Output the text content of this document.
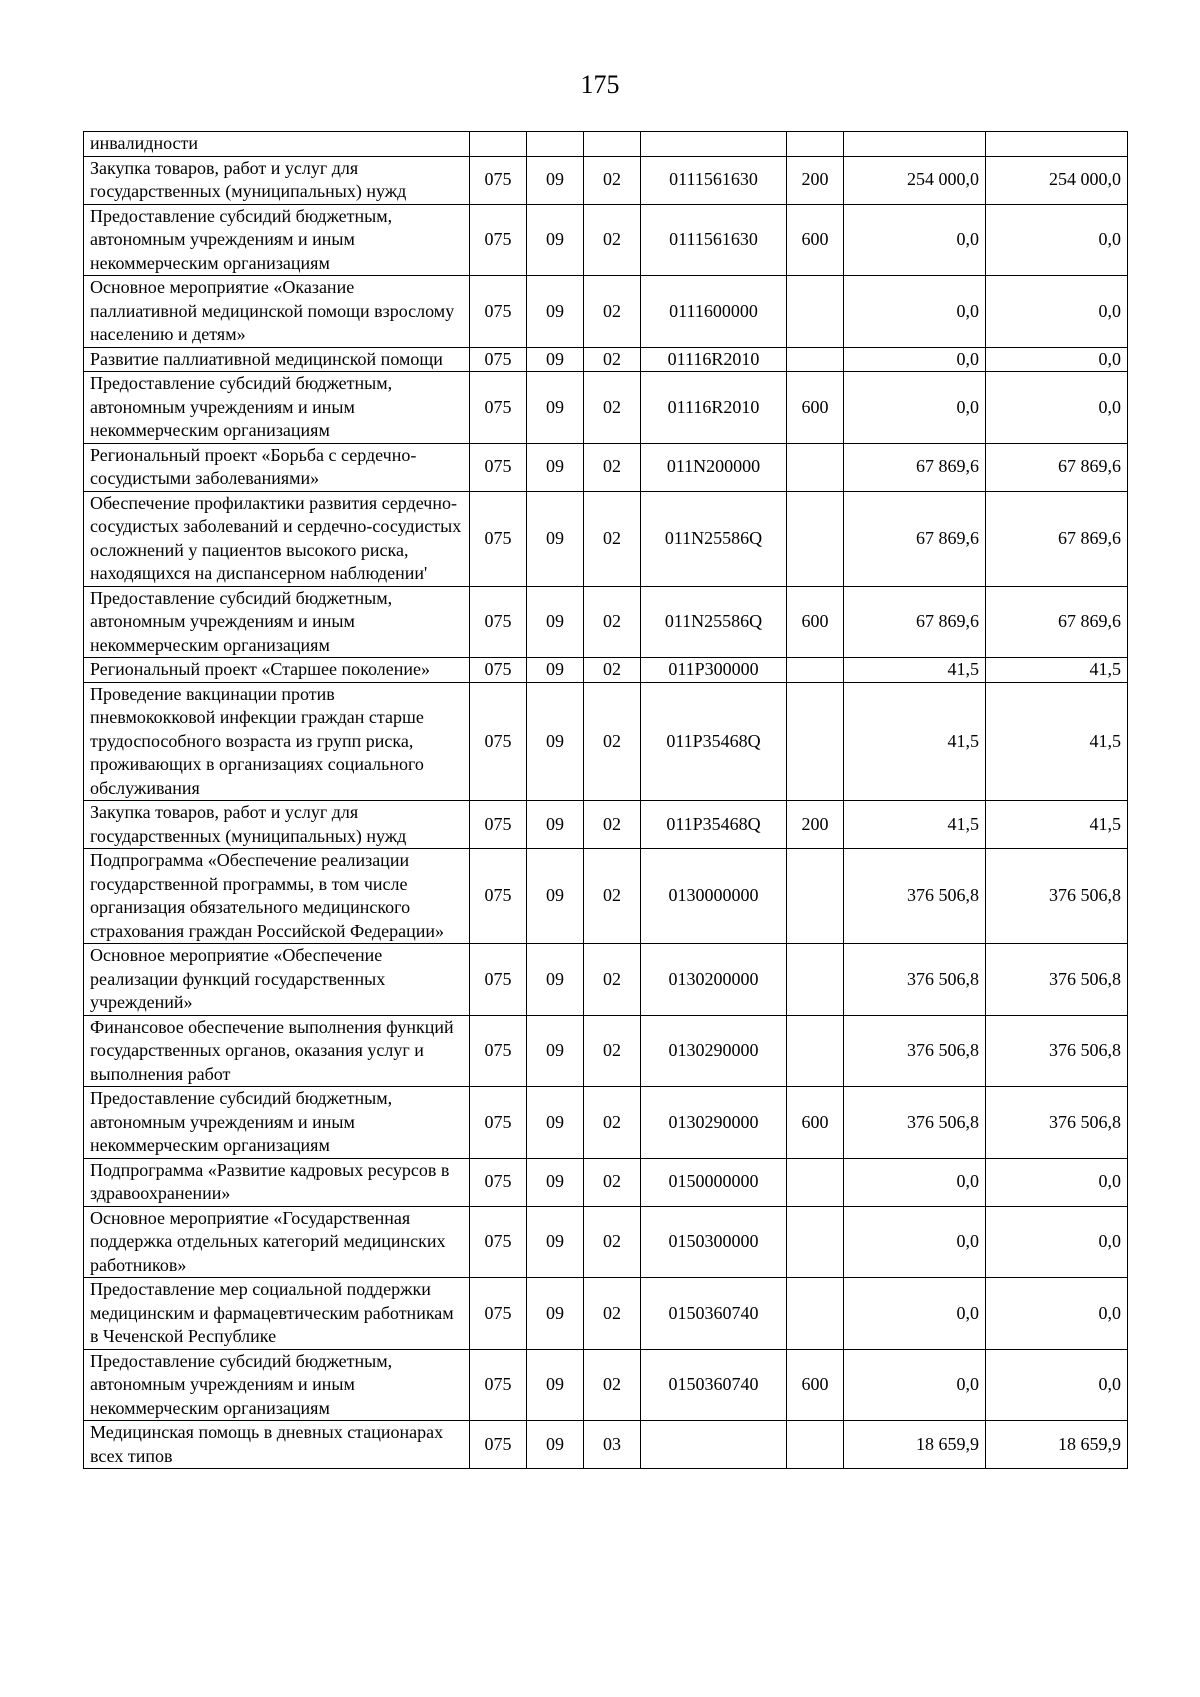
175
инвалидности							
Закупка товаров, работ и услуг для государственных (муниципальных) нужд	075	09	02	0111561630	200	254 000,0	254 000,0
Предоставление субсидий бюджетным, автономным учреждениям и иным некоммерческим организациям	075	09	02	0111561630	600	0,0	0,0
Основное мероприятие «Оказание паллиативной медицинской помощи взрослому населению и детям»	075	09	02	0111600000		0,0	0,0
Развитие паллиативной медицинской помощи	075	09	02	01116R2010		0,0	0,0
Предоставление субсидий бюджетным, автономным учреждениям и иным некоммерческим организациям	075	09	02	01116R2010	600	0,0	0,0
Региональный проект «Борьба с сердечно-сосудистыми заболеваниями»	075	09	02	011N200000		67 869,6	67 869,6
Обеспечение профилактики развития сердечно-сосудистых заболеваний и сердечно-сосудистых осложнений у пациентов высокого риска, находящихся на диспансерном наблюдении'	075	09	02	011N25586Q		67 869,6	67 869,6
Предоставление субсидий бюджетным, автономным учреждениям и иным некоммерческим организациям	075	09	02	011N25586Q	600	67 869,6	67 869,6
Региональный проект «Старшее поколение»	075	09	02	011P300000		41,5	41,5
Проведение вакцинации против пневмококковой инфекции граждан старше трудоспособного возраста из групп риска, проживающих в организациях социального обслуживания	075	09	02	011P35468Q		41,5	41,5
Закупка товаров, работ и услуг для государственных (муниципальных) нужд	075	09	02	011P35468Q	200	41,5	41,5
Подпрограмма «Обеспечение реализации государственной программы, в том числе организация обязательного медицинского страхования граждан Российской Федерации»	075	09	02	0130000000		376 506,8	376 506,8
Основное мероприятие «Обеспечение реализации функций государственных учреждений»	075	09	02	0130200000		376 506,8	376 506,8
Финансовое обеспечение выполнения функций государственных органов, оказания услуг и выполнения работ	075	09	02	0130290000		376 506,8	376 506,8
Предоставление субсидий бюджетным, автономным учреждениям и иным некоммерческим организациям	075	09	02	0130290000	600	376 506,8	376 506,8
Подпрограмма «Развитие кадровых ресурсов в здравоохранении»	075	09	02	0150000000		0,0	0,0
Основное мероприятие «Государственная поддержка отдельных категорий медицинских работников»	075	09	02	0150300000		0,0	0,0
Предоставление мер социальной поддержки медицинским и фармацевтическим работникам в Чеченской Республике	075	09	02	0150360740		0,0	0,0
Предоставление субсидий бюджетным, автономным учреждениям и иным некоммерческим организациям	075	09	02	0150360740	600	0,0	0,0
Медицинская помощь в дневных стационарах всех типов	075	09	03			18 659,9	18 659,9
